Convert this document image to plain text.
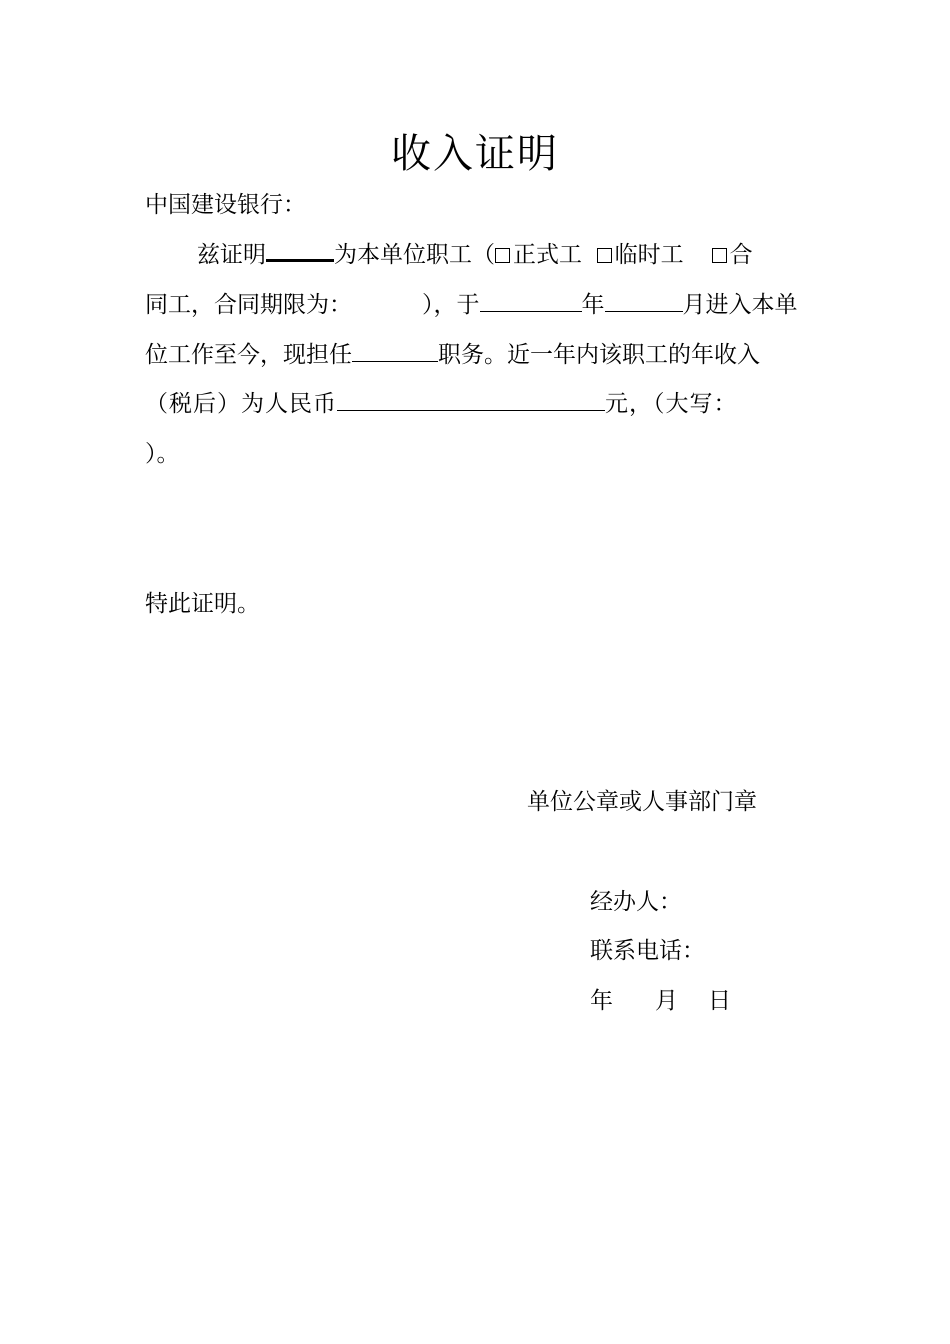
收入证明
中国建设银行：
兹证明	为本单位职工（ 正式工 临时工 合
同工，合同期限为：	），于	年	月进入本单
位工作至今，现担任	职务。近一年内该职工的年收入
（税后）为人民币	元，（大写：
）。
特此证明。
单位公章或人事部门章
经办人：
联系电话：
年 月 日
